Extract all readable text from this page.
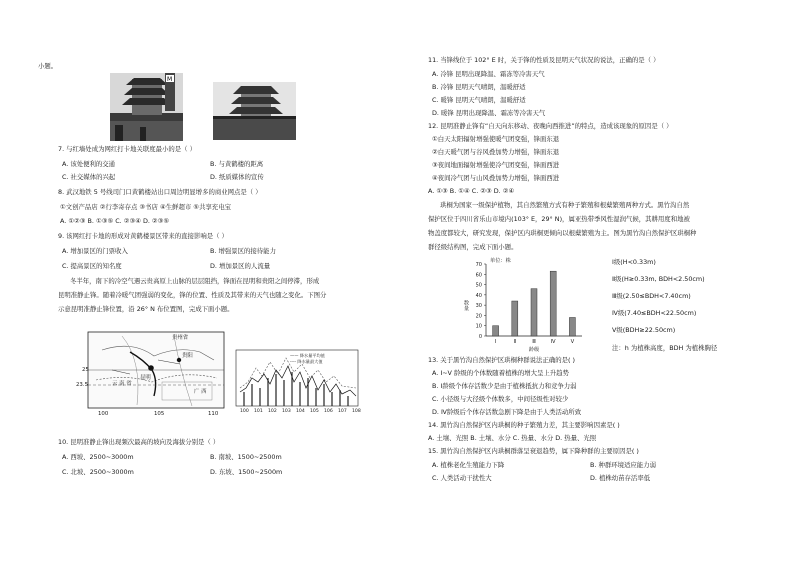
小题。
M
7. 与红墙处成为网红打卡地关联度最小的是（ ）
A. 该处便利的交通	B. 与黄鹤楼的距离
C. 社交媒体的兴起	D. 纸质媒体的宣传
8. 武汉地铁 5 号线司门口黄鹤楼站出口周边明显增多的商业网点是（ ）
①文创产品店 ②行李寄存点 ③书店 ④生鲜超市 ⑤共享充电宝
A. ①②③ B. ①③⑤ C. ②③④ D. ②③⑤
9. 该网红打卡地的形成对黄鹤楼景区带来的直接影响是（ ）
A. 增加景区的门票收入	B. 增强景区的接待能力
C. 提高景区的知名度	D. 增加景区的人流量
冬半年，南下的冷空气遇云贵高原上山脉的层层阻挡，锋面在昆明和贵阳之间停滞，形成
昆明准静止锋。随着冷暖气团强弱的变化，锋的位置、性质及其带来的天气也随之变化。下图分
示意昆明准静止锋位置，沿 26° N 布位置图，完成下面小题。
贵州省
贵阳
昆明
云 南 省
广 西
25
23.5
100	105	110
—— 降水量平均值
---- 降水量最大值
100 101 102 103 104 105 106 107 108
10. 昆明准静止锋出现频次最高的坡向及海拔分别是（ ）
A. 西坡、2500~3000m	B. 南坡、1500~2500m
C. 北坡、2500~3000m	D. 东坡、1500~2500m
11. 当锋线位于 102° E 时，关于锋的性质及昆明天气状况的说法，正确的是（ ）
A. 冷锋 昆明出现降温、霜冻等冷害天气
B. 冷锋 昆明天气晴朗，温暖舒适
C. 暖锋 昆明天气晴朗，温暖舒适
D. 暖锋 昆明出现降温、霜冻等冷害天气
12. 昆明准静止锋有“自天向东移动、夜晚向西推进”的特点，造成该现象的原因是（ ）
①白天太阳辐射增强使暖气团变强，锋面东退
②白天暖气团与谷风叠加势力增强，锋面东退
③夜间地面辐射增强使冷气团变强，锋面西进
④夜间冷气团与山风叠加势力增强，锋面西进
A. ①③ B. ①④ C. ②③ D. ②④
珙桐为国家一级保护植物，其自然繁殖方式有种子繁殖和根蘖繁殖两种方式。黑竹沟自然
保护区位于四川省乐山市境内(103° E，29° N)，属亚热带季风性湿润气候，其耕用度和地被
物盖度都较大，研究发现，保护区内珙桐更倾向以根蘖繁殖为主。图为黑竹沟自然保护区珙桐种
群径级结构图，完成下面小题。
0
10
20
30
40
50
60
70
Ⅰ	Ⅱ	Ⅲ	Ⅳ	Ⅴ
单位：株
龄级
数量
Ⅰ级(H<0.33m)
Ⅱ级(H≥0.33m, BDH<2.50cm)
Ⅲ级(2.50≤BDH<7.40cm)
Ⅳ级(7.40≤BDH<22.50cm)
Ⅴ级(BDH≥22.50cm)
注：h 为植株高度，BDH 为植株胸径
13. 关于黑竹沟自然保护区珙桐种群说法正确的是( )
A. Ⅰ~Ⅴ 龄级的个体数随着植株的增大呈上升趋势
B. Ⅰ龄级个体存活数少是由于植株抵抗力和竞争力弱
C. 小径级与大径级个体数多，中间径级性对较少
D. Ⅳ龄级后个体存活数急剧下降是由于人类活动所致
14. 黑竹沟自然保护区内珙桐的种子繁殖力差，其主要影响因素是( )
A. 土壤、光照 B. 土壤、水分 C. 热量、水分 D. 热量、光照
15. 黑竹沟自然保护区内珙桐群落呈衰退趋势，属下降种群的主要原因是( )
A. 植株老化生殖能力下降	B. 种群环境适应能力弱
C. 人类活动干扰性大	D. 植株幼苗存活率低
